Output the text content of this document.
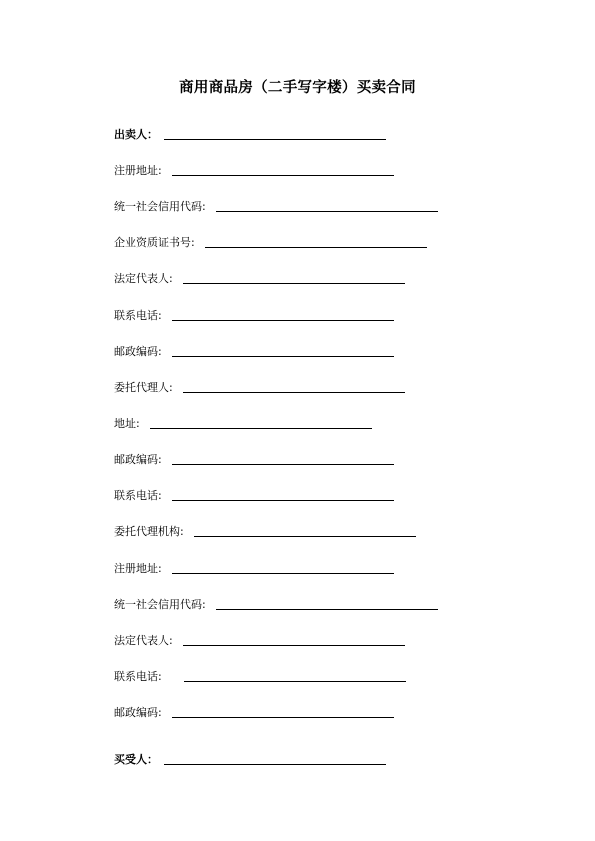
商用商品房（二手写字楼）买卖合同
出卖人：
注册地址:
统一社会信用代码:
企业资质证书号:
法定代表人:
联系电话:
邮政编码:
委托代理人:
地址:
邮政编码:
联系电话:
委托代理机构:
注册地址:
统一社会信用代码:
法定代表人:
联系电话:
邮政编码:
买受人：
